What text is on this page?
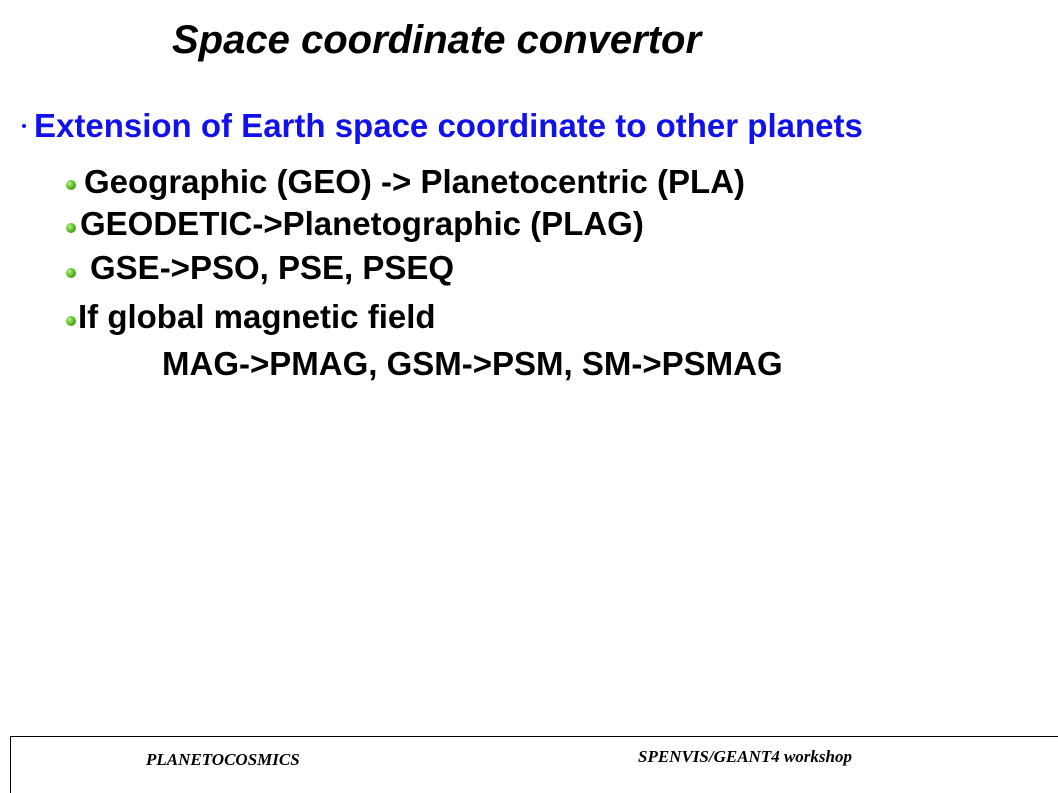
Space coordinate convertor
Extension of Earth space coordinate to other planets
Geographic (GEO) -> Planetocentric (PLA)
GEODETIC->Planetographic (PLAG)
GSE->PSO, PSE, PSEQ
If global magnetic field
MAG->PMAG, GSM->PSM, SM->PSMAG
PLANETOCOSMICS	SPENVIS/GEANT4 workshop
